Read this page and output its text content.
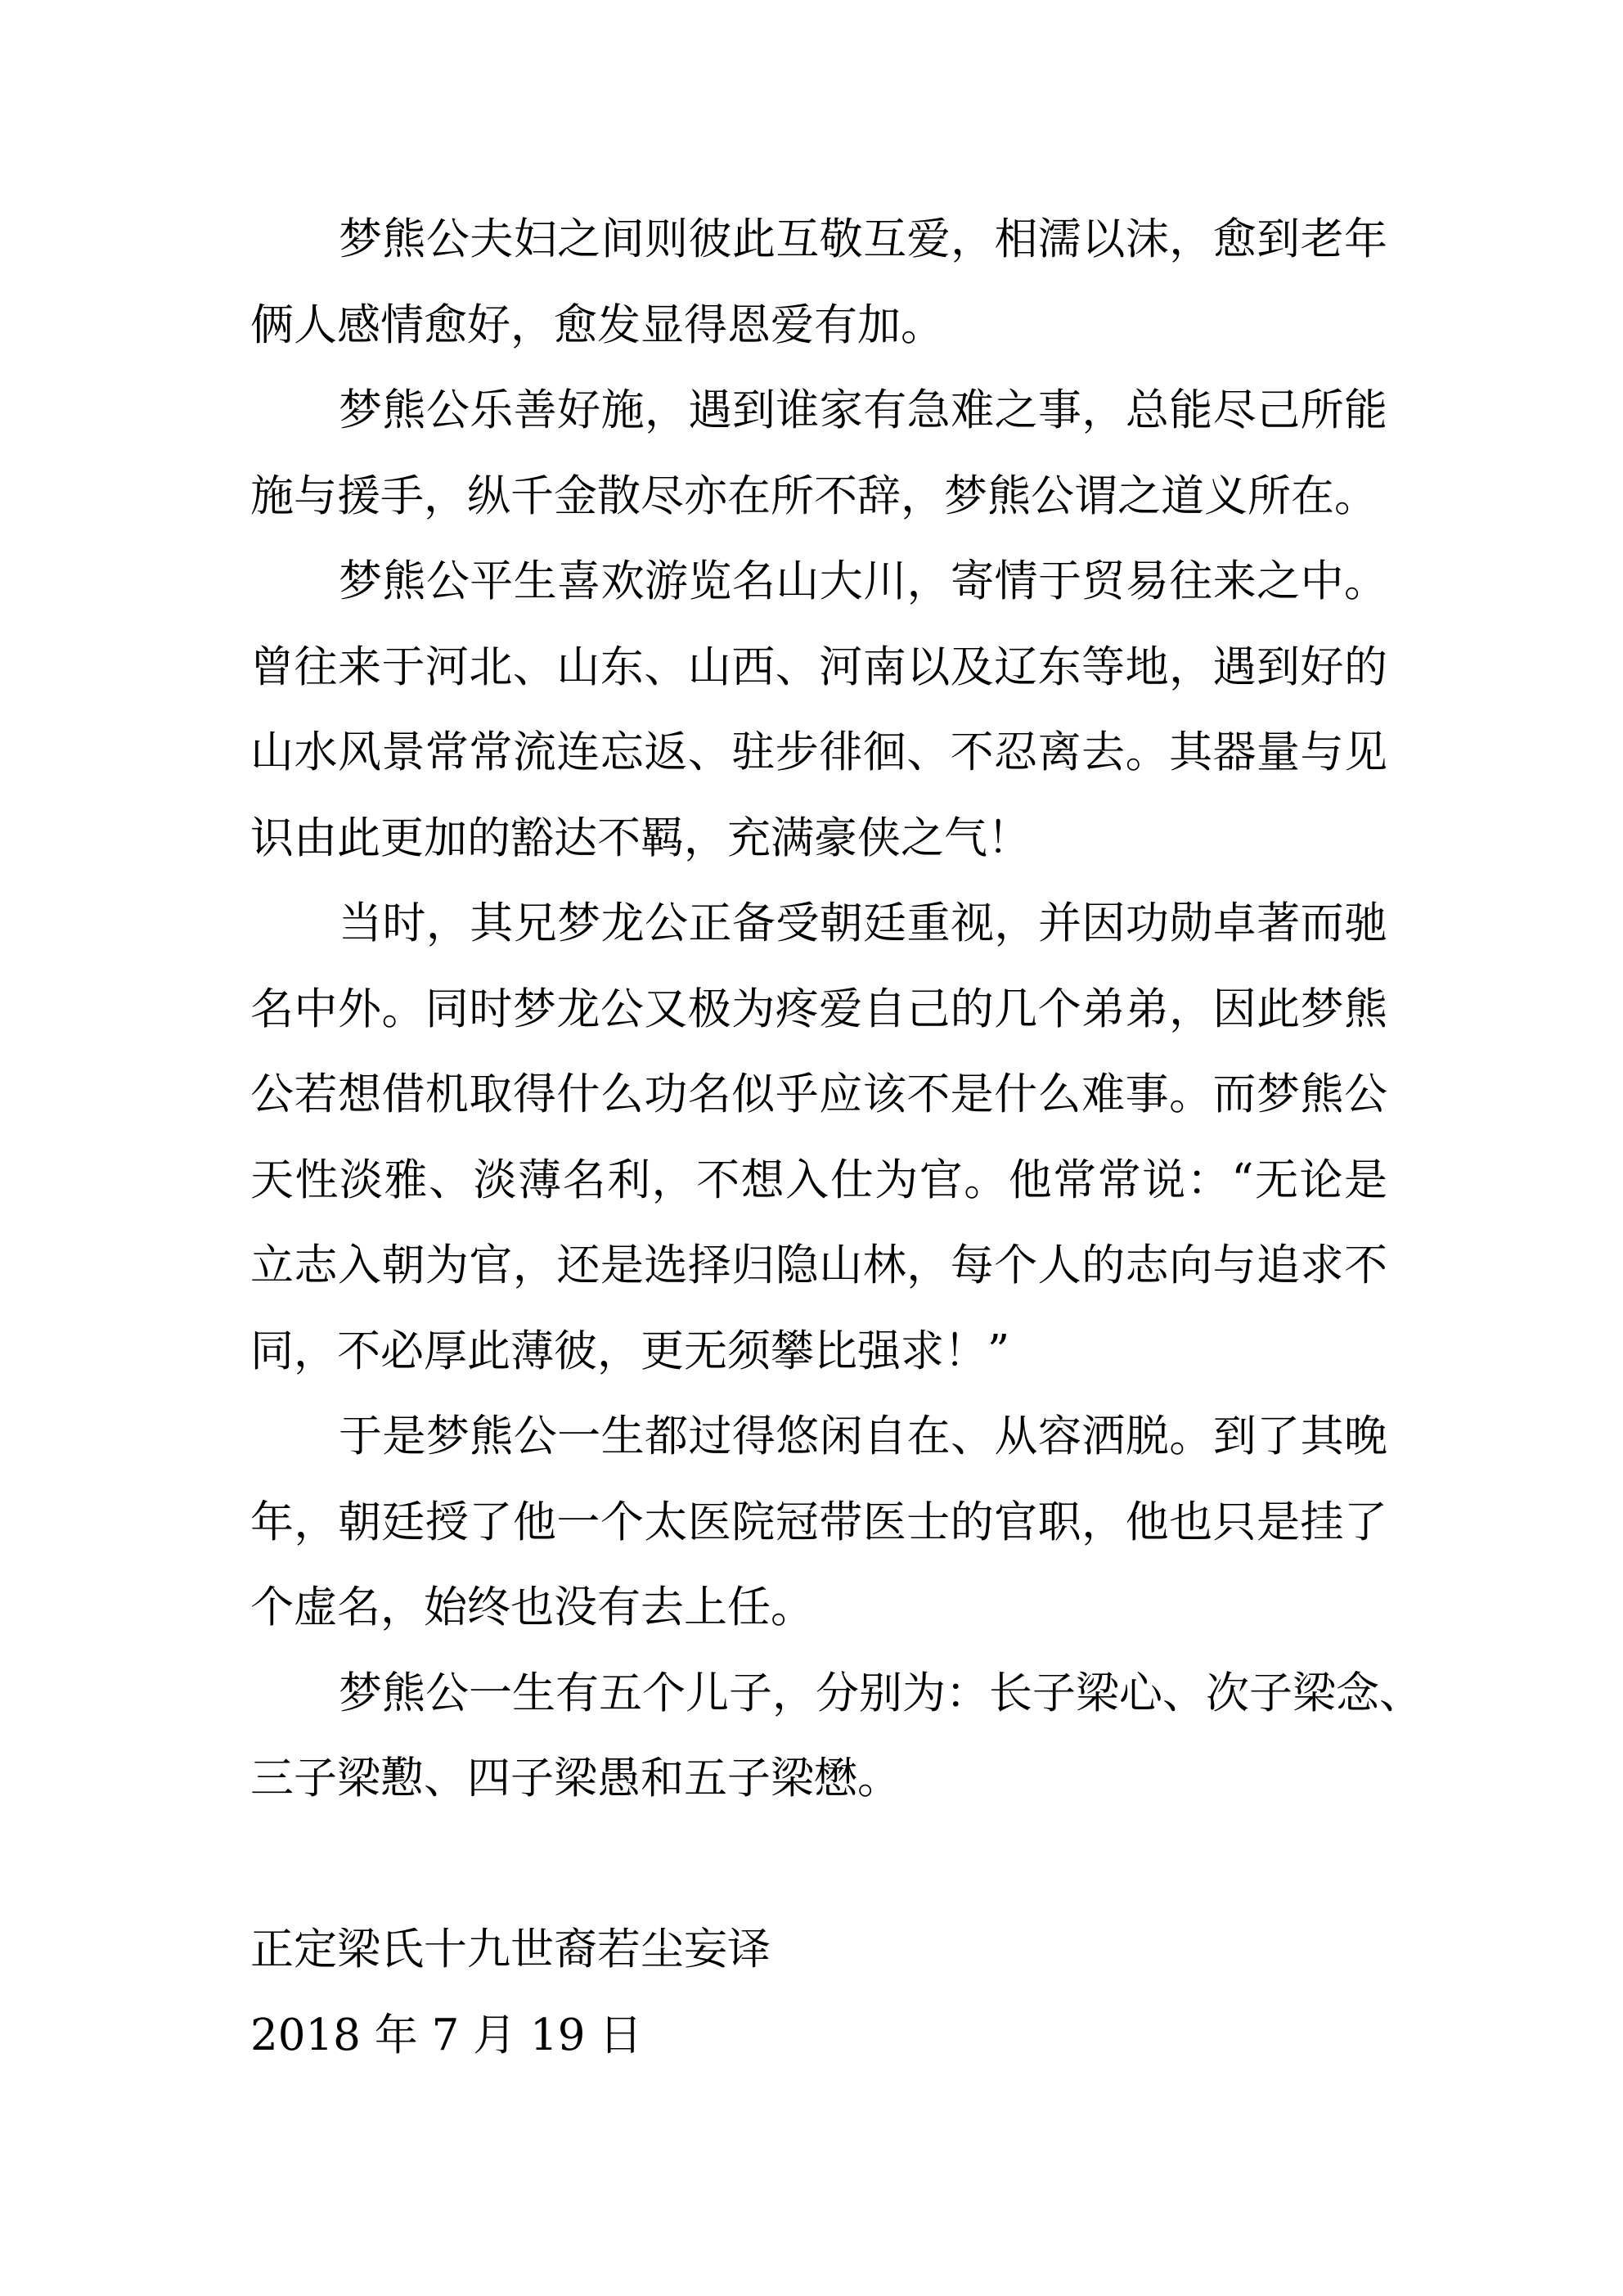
梦熊公夫妇之间则彼此互敬互爱，相濡以沫，愈到老年
俩人感情愈好，愈发显得恩爱有加。
梦熊公乐善好施，遇到谁家有急难之事，总能尽己所能
施与援手，纵千金散尽亦在所不辞，梦熊公谓之道义所在。
梦熊公平生喜欢游览名山大川，寄情于贸易往来之中。
曾往来于河北、山东、山西、河南以及辽东等地，遇到好的
山水风景常常流连忘返、驻步徘徊、不忍离去。其器量与见
识由此更加的豁达不羁，充满豪侠之气！
当时，其兄梦龙公正备受朝廷重视，并因功勋卓著而驰
名中外。同时梦龙公又极为疼爱自己的几个弟弟，因此梦熊
公若想借机取得什么功名似乎应该不是什么难事。而梦熊公
天性淡雅、淡薄名利，不想入仕为官。他常常说：“无论是
立志入朝为官，还是选择归隐山林，每个人的志向与追求不
同，不必厚此薄彼，更无须攀比强求！”
于是梦熊公一生都过得悠闲自在、从容洒脱。到了其晚
年，朝廷授了他一个太医院冠带医士的官职，他也只是挂了
个虚名，始终也没有去上任。
梦熊公一生有五个儿子，分别为：长子梁心、次子梁念、
三子梁懃、四子梁愚和五子梁懋。
正定梁氏十九世裔若尘妄译
2018 年 7 月 19 日
